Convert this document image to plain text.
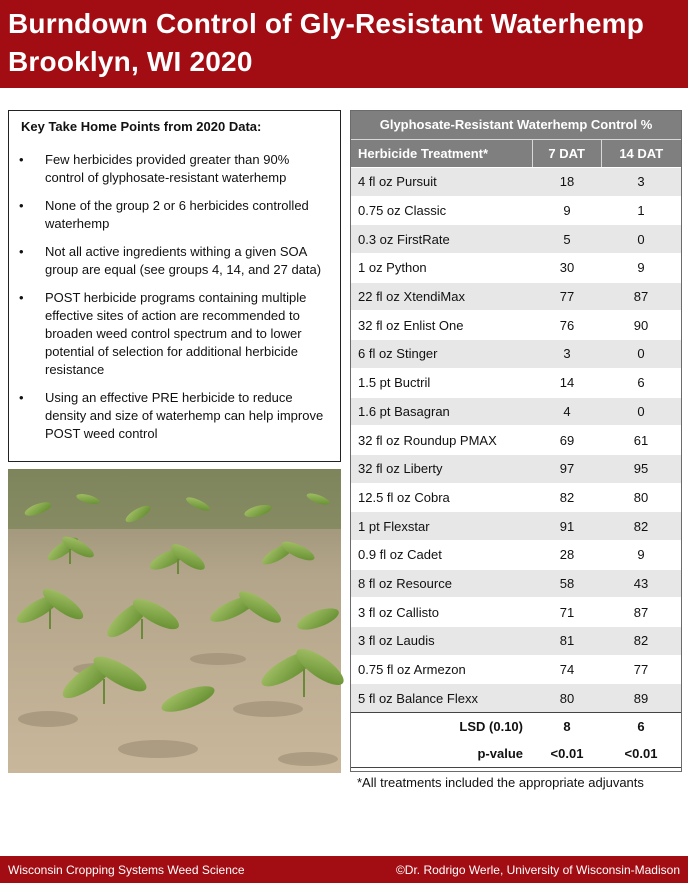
Burndown Control of Gly-Resistant Waterhemp
Brooklyn, WI 2020
Key Take Home Points from 2020 Data:
• Few herbicides provided greater than 90% control of glyphosate-resistant waterhemp
• None of the group 2 or 6 herbicides controlled waterhemp
• Not all active ingredients withing a given SOA group are equal (see groups 4, 14, and 27 data)
• POST herbicide programs containing multiple effective sites of action are recommended to broaden weed control spectrum and to lower potential of selection for additional herbicide resistance
• Using an effective PRE herbicide to reduce density and size of waterhemp can help improve POST weed control
Glyphosate-Resistant Waterhemp Control %
Herbicide Treatment*	7 DAT	14 DAT
4 fl oz Pursuit	18	3
0.75 oz Classic	9	1
0.3 oz FirstRate	5	0
1 oz Python	30	9
22 fl oz XtendiMax	77	87
32 fl oz Enlist One	76	90
6 fl oz Stinger	3	0
1.5 pt Buctril	14	6
1.6 pt Basagran	4	0
32 fl oz Roundup PMAX	69	61
32 fl oz Liberty	97	95
12.5 fl oz Cobra	82	80
1 pt Flexstar	91	82
0.9 fl oz Cadet	28	9
8 fl oz Resource	58	43
3 fl oz Callisto	71	87
3 fl oz Laudis	81	82
0.75 fl oz Armezon	74	77
5 fl oz Balance Flexx	80	89
LSD (0.10)	8	6
p-value	<0.01	<0.01
*All treatments included the appropriate adjuvants
Wisconsin Cropping Systems Weed Science	©Dr. Rodrigo Werle, University of Wisconsin-Madison
